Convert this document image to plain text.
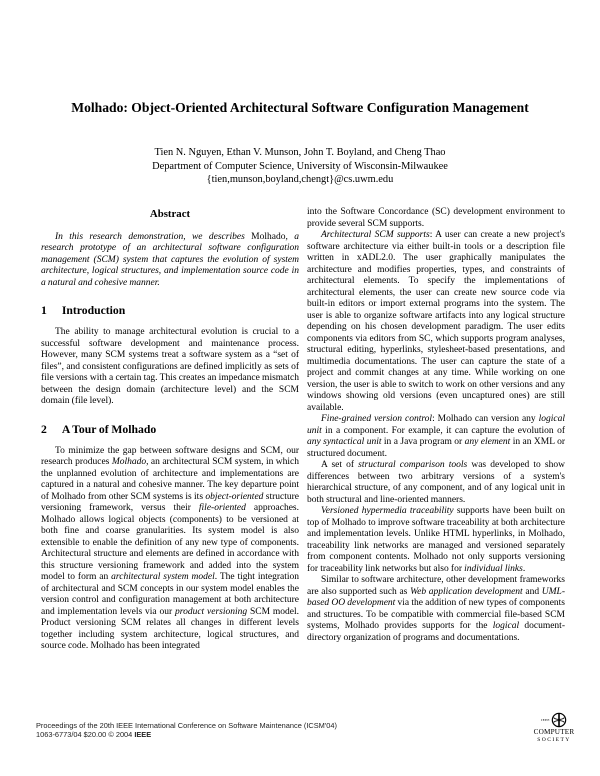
Molhado: Object-Oriented Architectural Software Configuration Management
Tien N. Nguyen, Ethan V. Munson, John T. Boyland, and Cheng Thao
Department of Computer Science, University of Wisconsin-Milwaukee
{tien,munson,boyland,chengt}@cs.uwm.edu
Abstract

In this research demonstration, we describes Molhado, a research prototype of an architectural software configuration management (SCM) system that captures the evolution of system architecture, logical structures, and implementation source code in a natural and cohesive manner.

1 Introduction

The ability to manage architectural evolution is crucial to a successful software development and maintenance process. However, many SCM systems treat a software system as a “set of files”, and consistent configurations are defined implicitly as sets of file versions with a certain tag. This creates an impedance mismatch between the design domain (architecture level) and the SCM domain (file level).

2 A Tour of Molhado

To minimize the gap between software designs and SCM, our research produces Molhado, an architectural SCM system, in which the unplanned evolution of architecture and implementations are captured in a natural and cohesive manner. The key departure point of Molhado from other SCM systems is its object-oriented structure versioning framework, versus their file-oriented approaches. Molhado allows logical objects (components) to be versioned at both fine and coarse granularities. Its system model is also extensible to enable the definition of any new type of components. Architectural structure and elements are defined in accordance with this structure versioning framework and added into the system model to form an architectural system model. The tight integration of architectural and SCM concepts in our system model enables the version control and configuration management at both architecture and implementation levels via our product versioning SCM model. Product versioning SCM relates all changes in different levels together including system architecture, logical structures, and source code. Molhado has been integrated

into the Software Concordance (SC) development environment to provide several SCM supports.

Architectural SCM supports: A user can create a new project's software architecture via either built-in tools or a description file written in xADL2.0. The user graphically manipulates the architecture and modifies properties, types, and constraints of architectural elements. To specify the implementations of architectural elements, the user can create new source code via built-in editors or import external programs into the system. The user is able to organize software artifacts into any logical structure depending on his chosen development paradigm. The user edits components via editors from SC, which supports program analyses, structural editing, hyperlinks, stylesheet-based presentations, and multimedia documentations. The user can capture the state of a project and commit changes at any time. While working on one version, the user is able to switch to work on other versions and any windows showing old versions (even uncaptured ones) are still available.

Fine-grained version control: Molhado can version any logical unit in a component. For example, it can capture the evolution of any syntactical unit in a Java program or any element in an XML or structured document.

A set of structural comparison tools was developed to show differences between two arbitrary versions of a system's hierarchical structure, of any component, and of any logical unit in both structural and line-oriented manners.

Versioned hypermedia traceability supports have been built on top of Molhado to improve software traceability at both architecture and implementation levels. Unlike HTML hyperlinks, in Molhado, traceability link networks are managed and versioned separately from component contents. Molhado not only supports versioning for traceability link networks but also for individual links.

Similar to software architecture, other development frameworks are also supported such as Web application development and UML-based OO development via the addition of new types of components and structures. To be compatible with commercial file-based SCM systems, Molhado provides supports for the logical document-directory organization of programs and documentations.

Proceedings of the 20th IEEE International Conference on Software Maintenance (ICSM'04)
1063-6773/04 $20.00 © 2004 IEEE
IEEE
COMPUTER
SOCIETY
